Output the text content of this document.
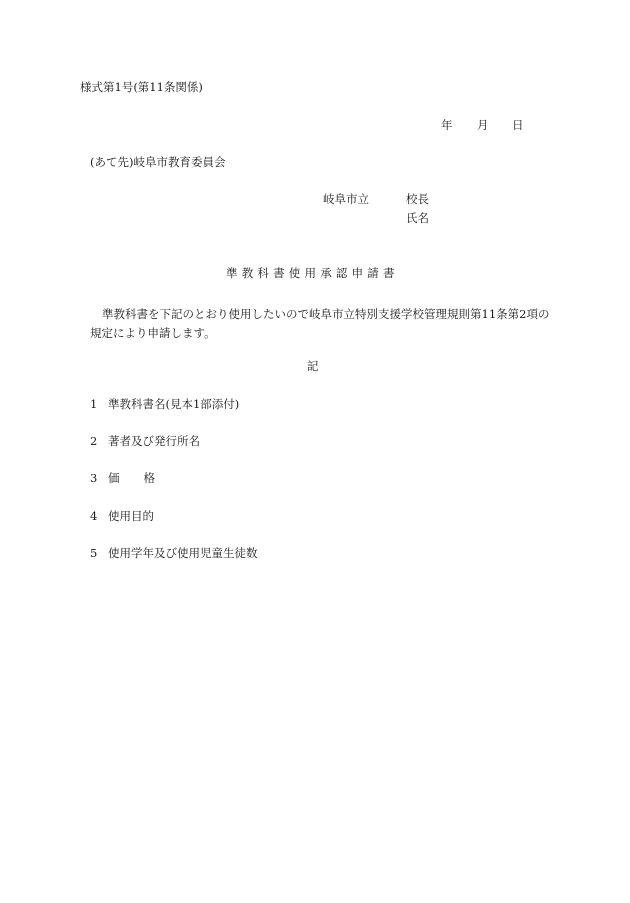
様式第1号(第11条関係)
年 月 日
(あて先)岐阜市教育委員会
岐阜市立	校長
氏名
準教科書使用承認申請書
準教科書を下記のとおり使用したいので岐阜市立特別支援学校管理規則第11条第2項の規定により申請します。
記
1 準教科書名(見本1部添付)
2 著者及び発行所名
3 価 格
4 使用目的
5 使用学年及び使用児童生徒数
